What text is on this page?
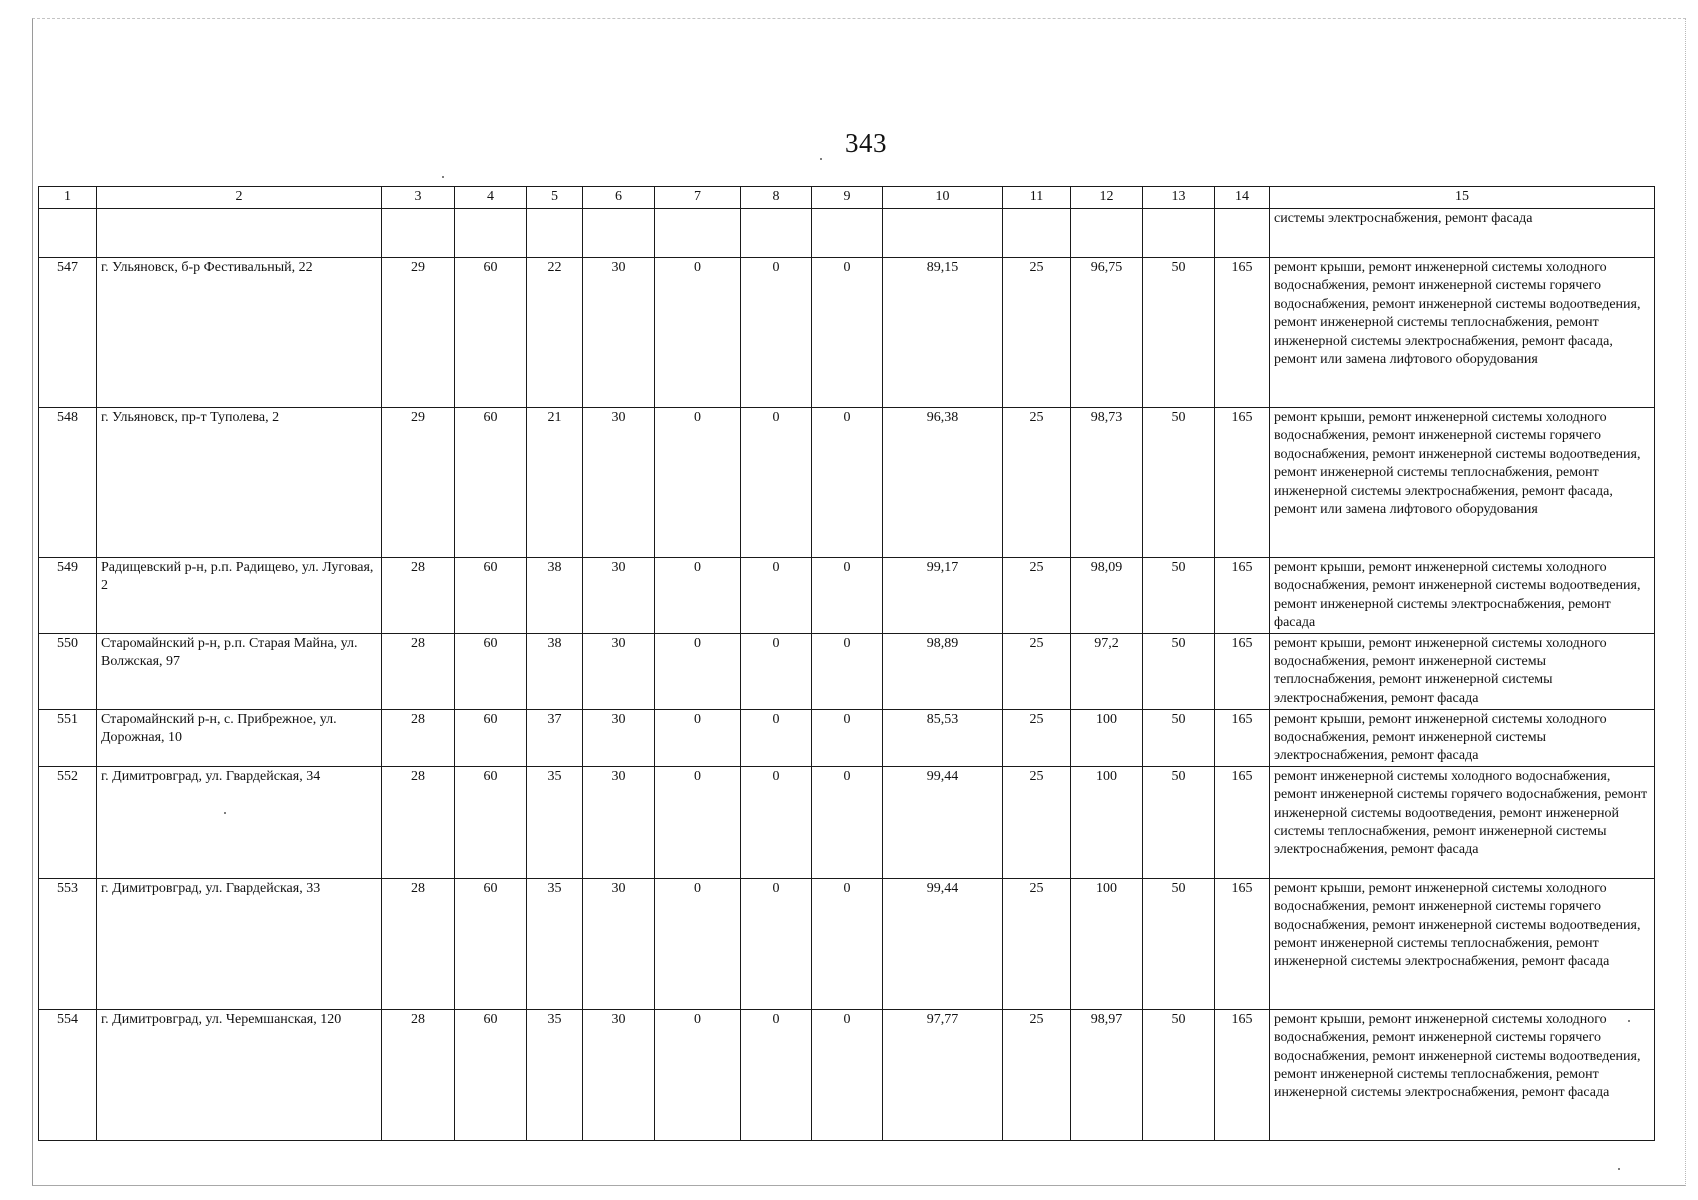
343
1	2	3	4	5	6	7	8	9	10	11	12	13	14	15
														системы электроснабжения, ремонт фасада
547	г. Ульяновск, б-р Фестивальный, 22	29	60	22	30	0	0	0	89,15	25	96,75	50	165	ремонт крыши, ремонт инженерной системы холодного водоснабжения, ремонт инженерной системы горячего водоснабжения, ремонт инженерной системы водоотведения, ремонт инженерной системы теплоснабжения, ремонт инженерной системы электроснабжения, ремонт фасада, ремонт или замена лифтового оборудования
548	г. Ульяновск, пр-т Туполева, 2	29	60	21	30	0	0	0	96,38	25	98,73	50	165	ремонт крыши, ремонт инженерной системы холодного водоснабжения, ремонт инженерной системы горячего водоснабжения, ремонт инженерной системы водоотведения, ремонт инженерной системы теплоснабжения, ремонт инженерной системы электроснабжения, ремонт фасада, ремонт или замена лифтового оборудования
549	Радищевский р-н, р.п. Радищево, ул. Луговая, 2	28	60	38	30	0	0	0	99,17	25	98,09	50	165	ремонт крыши, ремонт инженерной системы холодного водоснабжения, ремонт инженерной системы водоотведения, ремонт инженерной системы электроснабжения, ремонт фасада
550	Старомайнский р-н, р.п. Старая Майна, ул. Волжская, 97	28	60	38	30	0	0	0	98,89	25	97,2	50	165	ремонт крыши, ремонт инженерной системы холодного водоснабжения, ремонт инженерной системы теплоснабжения, ремонт инженерной системы электроснабжения, ремонт фасада
551	Старомайнский р-н, с. Прибрежное, ул. Дорожная, 10	28	60	37	30	0	0	0	85,53	25	100	50	165	ремонт крыши, ремонт инженерной системы холодного водоснабжения, ремонт инженерной системы электроснабжения, ремонт фасада
552	г. Димитровград, ул. Гвардейская, 34	28	60	35	30	0	0	0	99,44	25	100	50	165	ремонт инженерной системы холодного водоснабжения, ремонт инженерной системы горячего водоснабжения, ремонт инженерной системы водоотведения, ремонт инженерной системы теплоснабжения, ремонт инженерной системы электроснабжения, ремонт фасада
553	г. Димитровград, ул. Гвардейская, 33	28	60	35	30	0	0	0	99,44	25	100	50	165	ремонт крыши, ремонт инженерной системы холодного водоснабжения, ремонт инженерной системы горячего водоснабжения, ремонт инженерной системы водоотведения, ремонт инженерной системы теплоснабжения, ремонт инженерной системы электроснабжения, ремонт фасада
554	г. Димитровград, ул. Черемшанская, 120	28	60	35	30	0	0	0	97,77	25	98,97	50	165	ремонт крыши, ремонт инженерной системы холодного водоснабжения, ремонт инженерной системы горячего водоснабжения, ремонт инженерной системы водоотведения, ремонт инженерной системы теплоснабжения, ремонт инженерной системы электроснабжения, ремонт фасада
